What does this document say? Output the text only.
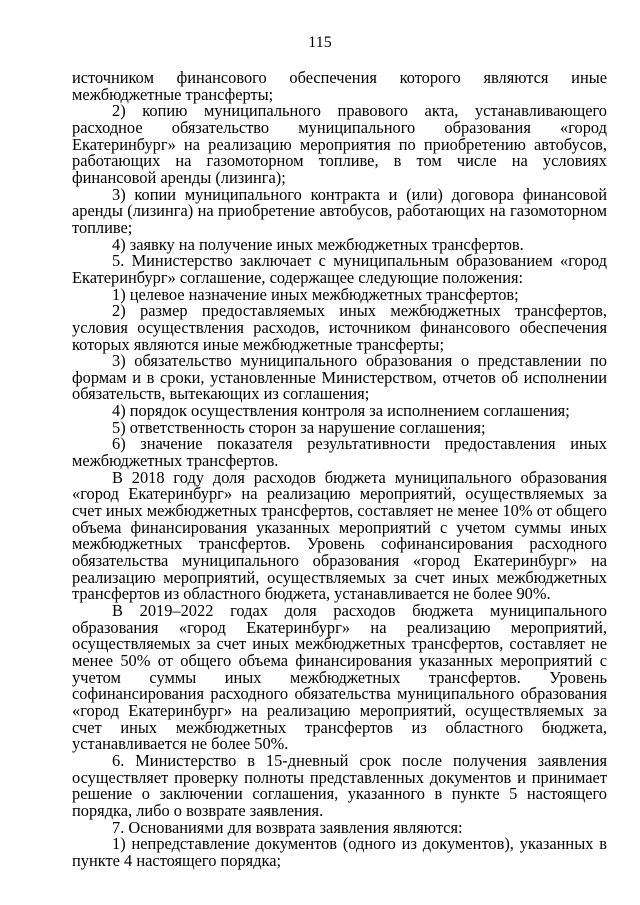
115

источником финансового обеспечения которого являются иные межбюджетные трансферты;

2) копию муниципального правового акта, устанавливающего расходное обязательство муниципального образования «город Екатеринбург» на реализацию мероприятия по приобретению автобусов, работающих на газомоторном топливе, в том числе на условиях финансовой аренды (лизинга);

3) копии муниципального контракта и (или) договора финансовой аренды (лизинга) на приобретение автобусов, работающих на газомоторном топливе;

4) заявку на получение иных межбюджетных трансфертов.

5. Министерство заключает с муниципальным образованием «город Екатеринбург» соглашение, содержащее следующие положения:

1) целевое назначение иных межбюджетных трансфертов;

2) размер предоставляемых иных межбюджетных трансфертов, условия осуществления расходов, источником финансового обеспечения которых являются иные межбюджетные трансферты;

3) обязательство муниципального образования о представлении по формам и в сроки, установленные Министерством, отчетов об исполнении обязательств, вытекающих из соглашения;

4) порядок осуществления контроля за исполнением соглашения;

5) ответственность сторон за нарушение соглашения;

6) значение показателя результативности предоставления иных межбюджетных трансфертов.

В 2018 году доля расходов бюджета муниципального образования «город Екатеринбург» на реализацию мероприятий, осуществляемых за счет иных межбюджетных трансфертов, составляет не менее 10% от общего объема финансирования указанных мероприятий с учетом суммы иных межбюджетных трансфертов. Уровень софинансирования расходного обязательства муниципального образования «город Екатеринбург» на реализацию мероприятий, осуществляемых за счет иных межбюджетных трансфертов из областного бюджета, устанавливается не более 90%.

В 2019–2022 годах доля расходов бюджета муниципального образования «город Екатеринбург» на реализацию мероприятий, осуществляемых за счет иных межбюджетных трансфертов, составляет не менее 50% от общего объема финансирования указанных мероприятий с учетом суммы иных межбюджетных трансфертов. Уровень софинансирования расходного обязательства муниципального образования «город Екатеринбург» на реализацию мероприятий, осуществляемых за счет иных межбюджетных трансфертов из областного бюджета, устанавливается не более 50%.

6. Министерство в 15-дневный срок после получения заявления осуществляет проверку полноты представленных документов и принимает решение о заключении соглашения, указанного в пункте 5 настоящего порядка, либо о возврате заявления.

7. Основаниями для возврата заявления являются:

1) непредставление документов (одного из документов), указанных в пункте 4 настоящего порядка;
